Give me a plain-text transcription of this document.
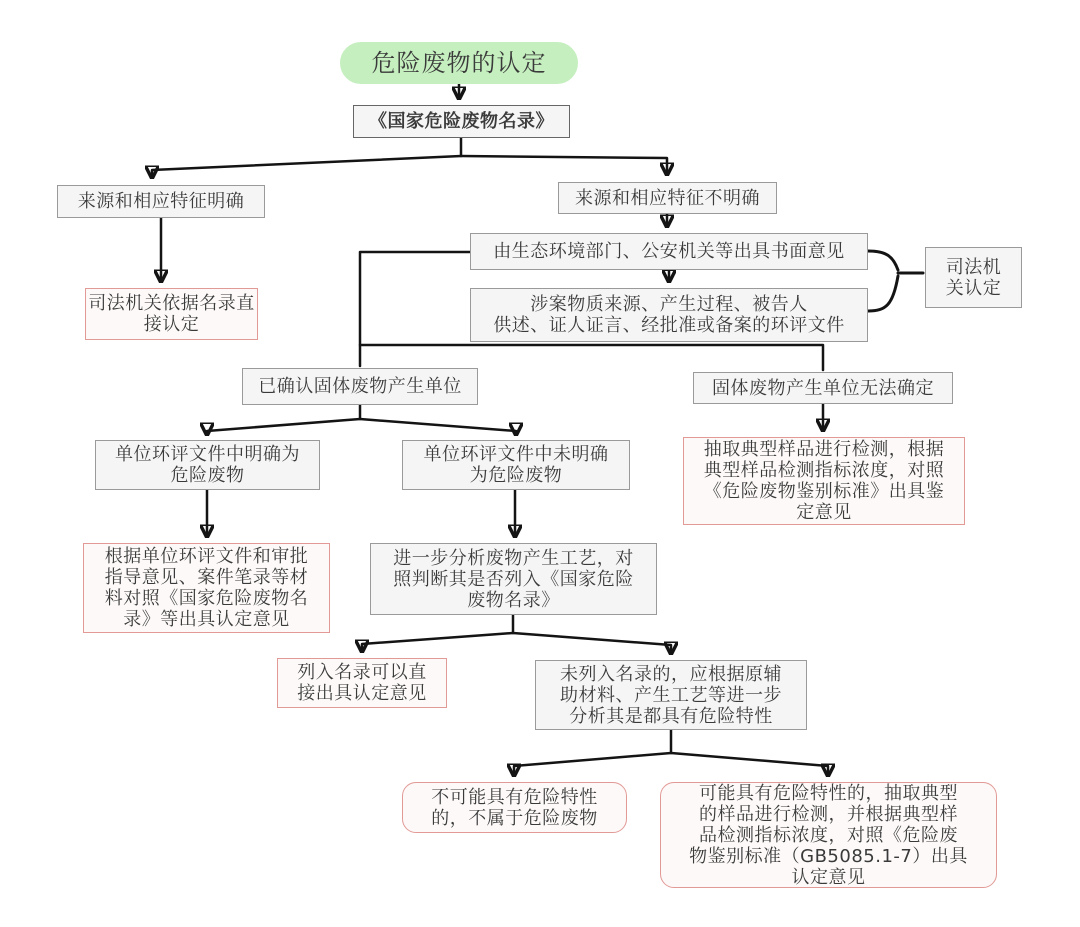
危险废物的认定
《国家危险废物名录》
来源和相应特征明确	来源和相应特征不明确
由生态环境部门、公安机关等出具书面意见
涉案物质来源、产生过程、被告人
供述、证人证言、经批准或备案的环评文件
司法机
关认定
司法机关依据名录直
接认定
已确认固体废物产生单位	固体废物产生单位无法确定
单位环评文件中明确为
危险废物
单位环评文件中未明确
为危险废物
抽取典型样品进行检测，根据
典型样品检测指标浓度，对照
《危险废物鉴别标准》出具鉴
定意见
根据单位环评文件和审批
指导意见、案件笔录等材
料对照《国家危险废物名
录》等出具认定意见
进一步分析废物产生工艺，对
照判断其是否列入《国家危险
废物名录》
列入名录可以直
接出具认定意见
未列入名录的，应根据原辅
助材料、产生工艺等进一步
分析其是都具有危险特性
不可能具有危险特性
的，不属于危险废物
可能具有危险特性的，抽取典型
的样品进行检测，并根据典型样
品检测指标浓度，对照《危险废
物鉴别标准（GB5085.1-7）出具
认定意见
